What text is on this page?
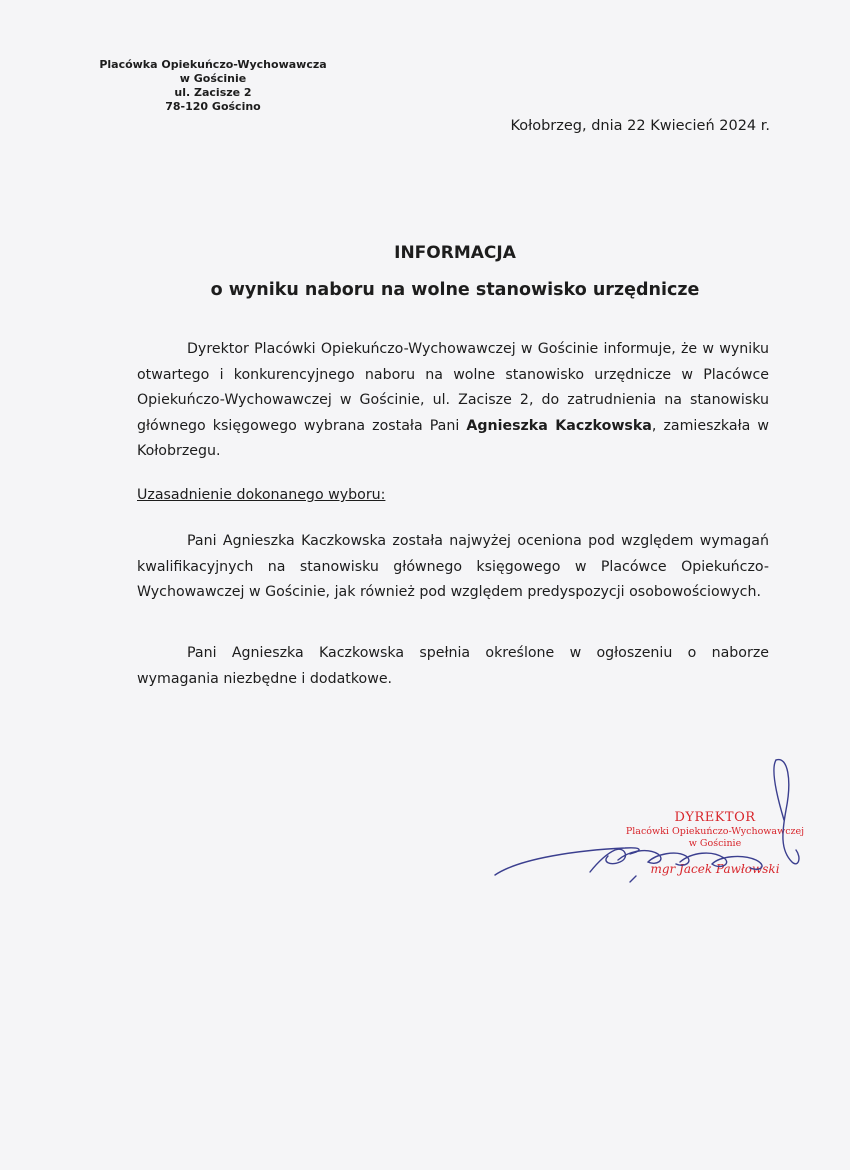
Placówka Opiekuńczo-Wychowawcza
w Gościnie
ul. Zacisze 2
78-120 Gościno
Kołobrzeg, dnia 22 Kwiecień 2024 r.
INFORMACJA
o wyniku naboru na wolne stanowisko urzędnicze
Dyrektor Placówki Opiekuńczo-Wychowawczej w Gościnie informuje, że w wyniku otwartego i konkurencyjnego naboru na wolne stanowisko urzędnicze w Placówce Opiekuńczo-Wychowawczej w Gościnie, ul. Zacisze 2, do zatrudnienia na stanowisku głównego księgowego wybrana została Pani Agnieszka Kaczkowska, zamieszkała w Kołobrzegu.
Uzasadnienie dokonanego wyboru:
Pani Agnieszka Kaczkowska została najwyżej oceniona pod względem wymagań kwalifikacyjnych na stanowisku głównego księgowego w Placówce Opiekuńczo-Wychowawczej w Gościnie, jak również pod względem predyspozycji osobowościowych.
Pani Agnieszka Kaczkowska spełnia określone w ogłoszeniu o naborze wymagania niezbędne i dodatkowe.
DYREKTOR
Placówki Opiekuńczo-Wychowawczej
w Gościnie
mgr Jacek Pawłowski
